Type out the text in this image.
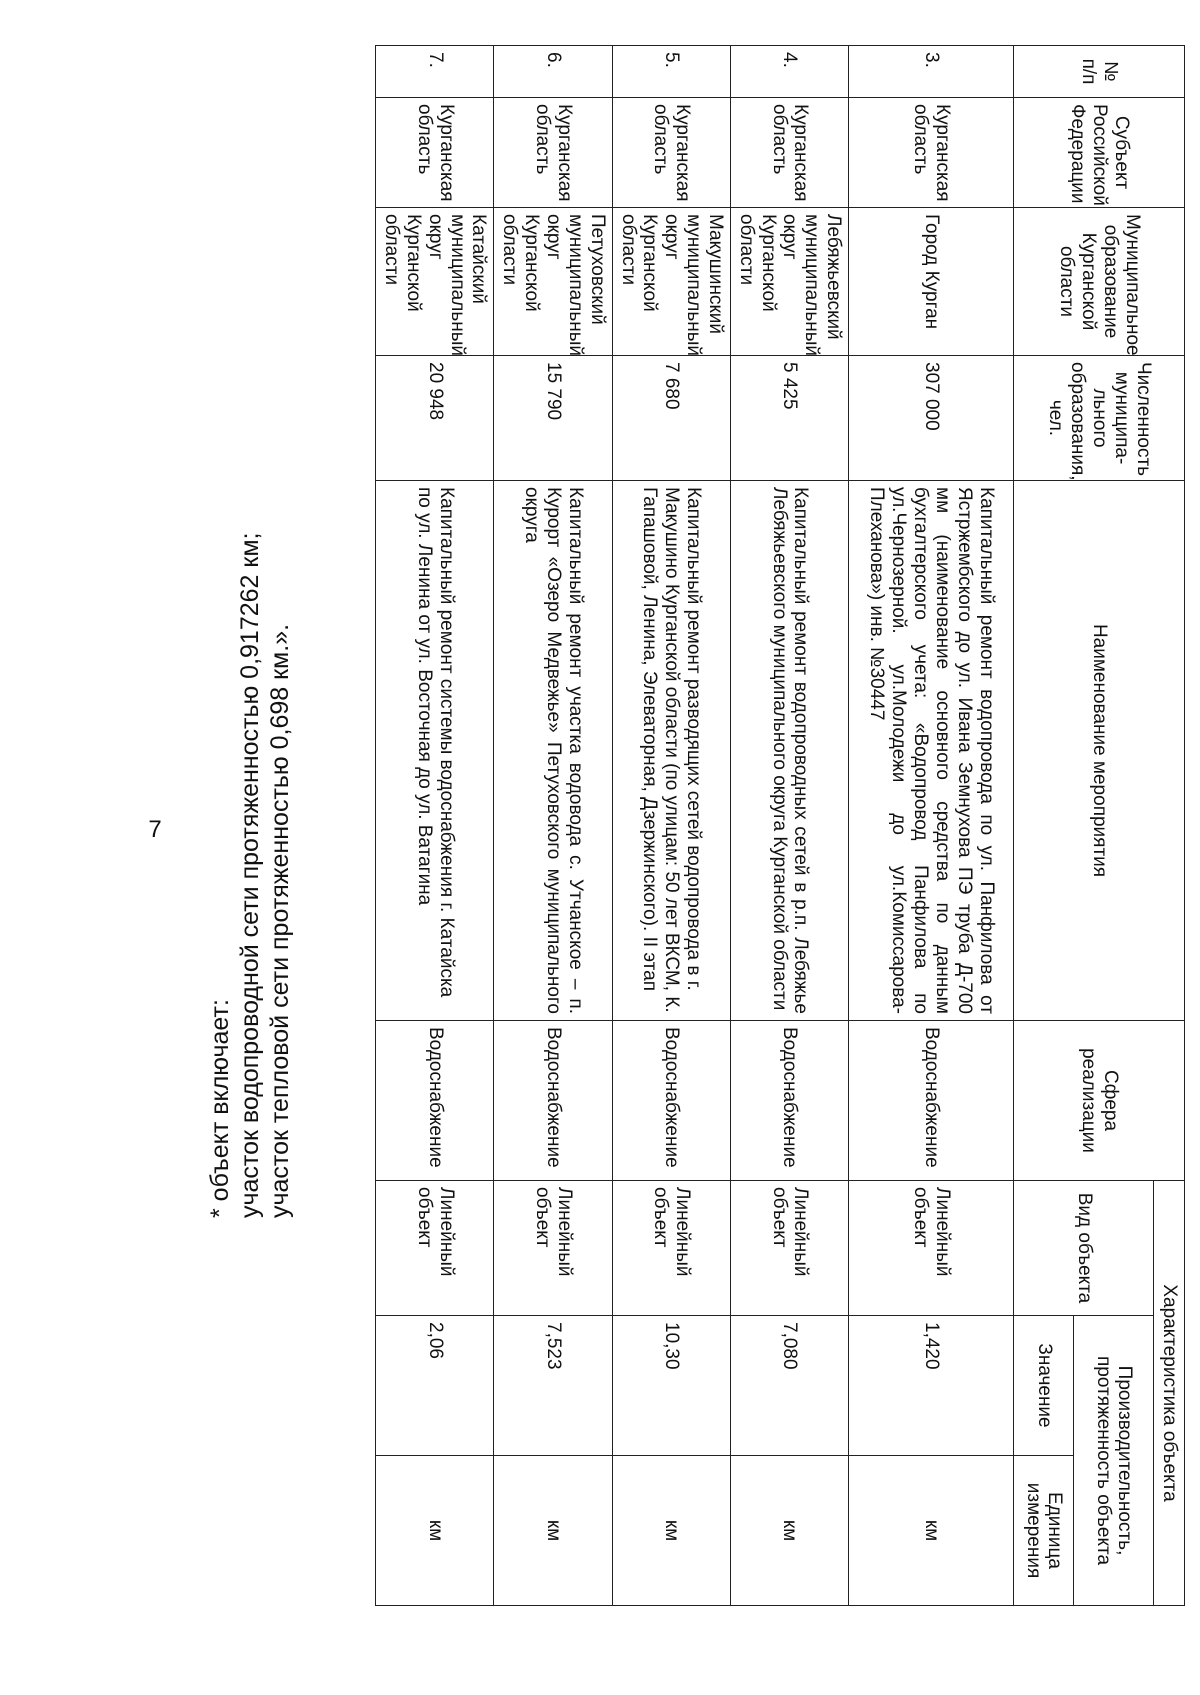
7
№ п/п	Субъект Российской Федерации	Муниципальное образование Курганской области	Численность муниципа-льного образования, чел.	Наименование мероприятия	Сфера реализации	Характеристика объекта		
						Вид объекта	Производительность, протяженность объекта	
							Значение	Единица измерения
3.	Курганская область	Город Курган	307 000	Капитальный ремонт водопровода по ул. Панфилова от Ястржембского до ул. Ивана Земнухова ПЭ труба Д-700 мм (наименование основного средства по данным бухгалтерского учета: «Водопровод Панфилова по ул.Чернозерной. ул.Молодежи до ул.Комиссарова-Плеханова») инв. №30447	Водоснабжение	Линейный объект	1,420	км
4.	Курганская область	Лебяжьевский муниципальный округ Курганской области	5 425	Капитальный ремонт водопроводных сетей в р.п. Лебяжье Лебяжьевского муниципального округа Курганской области	Водоснабжение	Линейный объект	7,080	км
5.	Курганская область	Макушинский муниципальный округ Курганской области	7 680	Капитальный ремонт разводящих сетей водопровода в г. Макушино Курганской области (по улицам: 50 лет ВКСМ, К. Гапашовой, Ленина, Элеваторная, Дзержинского). II этап	Водоснабжение	Линейный объект	10,30	км
6.	Курганская область	Петуховский муниципальный округ Курганской области	15 790	Капитальный ремонт участка водовода с. Утчанское – п. Курорт «Озеро Медвежье» Петуховского муниципального округа	Водоснабжение	Линейный объект	7,523	км
7.	Курганская область	Катайский муниципальный округ Курганской области	20 948	Капитальный ремонт системы водоснабжения г. Катайска по ул. Ленина от ул. Восточная до ул. Ватагина	Водоснабжение	Линейный объект	2,06	км
* объект включает: участок водопроводной сети протяженностью 0,917262 км; участок тепловой сети протяженностью 0,698 км.».
